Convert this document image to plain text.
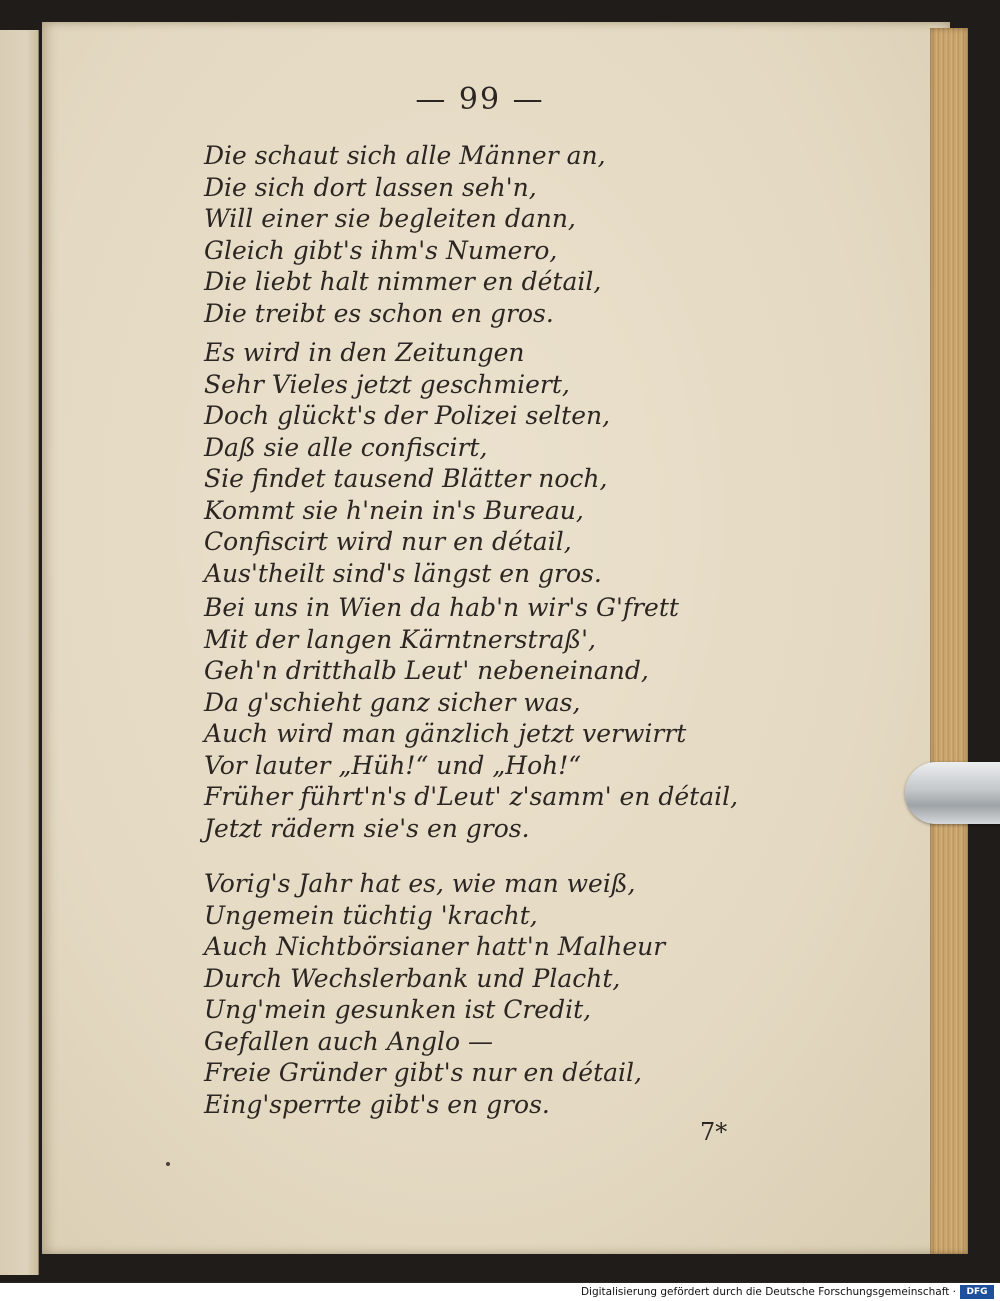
— 99 —
Die schaut sich alle Männer an,
Die sich dort lassen seh'n,
Will einer sie begleiten dann,
Gleich gibt's ihm's Numero,
Die liebt halt nimmer en détail,
Die treibt es schon en gros.
Es wird in den Zeitungen
Sehr Vieles jetzt geschmiert,
Doch glückt's der Polizei selten,
Daß sie alle confiscirt,
Sie findet tausend Blätter noch,
Kommt sie h'nein in's Bureau,
Confiscirt wird nur en détail,
Aus'theilt sind's längst en gros.
Bei uns in Wien da hab'n wir's G'frett
Mit der langen Kärntnerstraß',
Geh'n dritthalb Leut' nebeneinand,
Da g'schieht ganz sicher was,
Auch wird man gänzlich jetzt verwirrt
Vor lauter „Hüh!“ und „Hoh!“
Früher führt'n's d'Leut' z'samm' en détail,
Jetzt rädern sie's en gros.
Vorig's Jahr hat es, wie man weiß,
Ungemein tüchtig 'kracht,
Auch Nichtbörsianer hatt'n Malheur
Durch Wechslerbank und Placht,
Ung'mein gesunken ist Credit,
Gefallen auch Anglo —
Freie Gründer gibt's nur en détail,
Eing'sperrte gibt's en gros.
7*
Digitalisierung gefördert durch die Deutsche Forschungsgemeinschaft ·	DFG
